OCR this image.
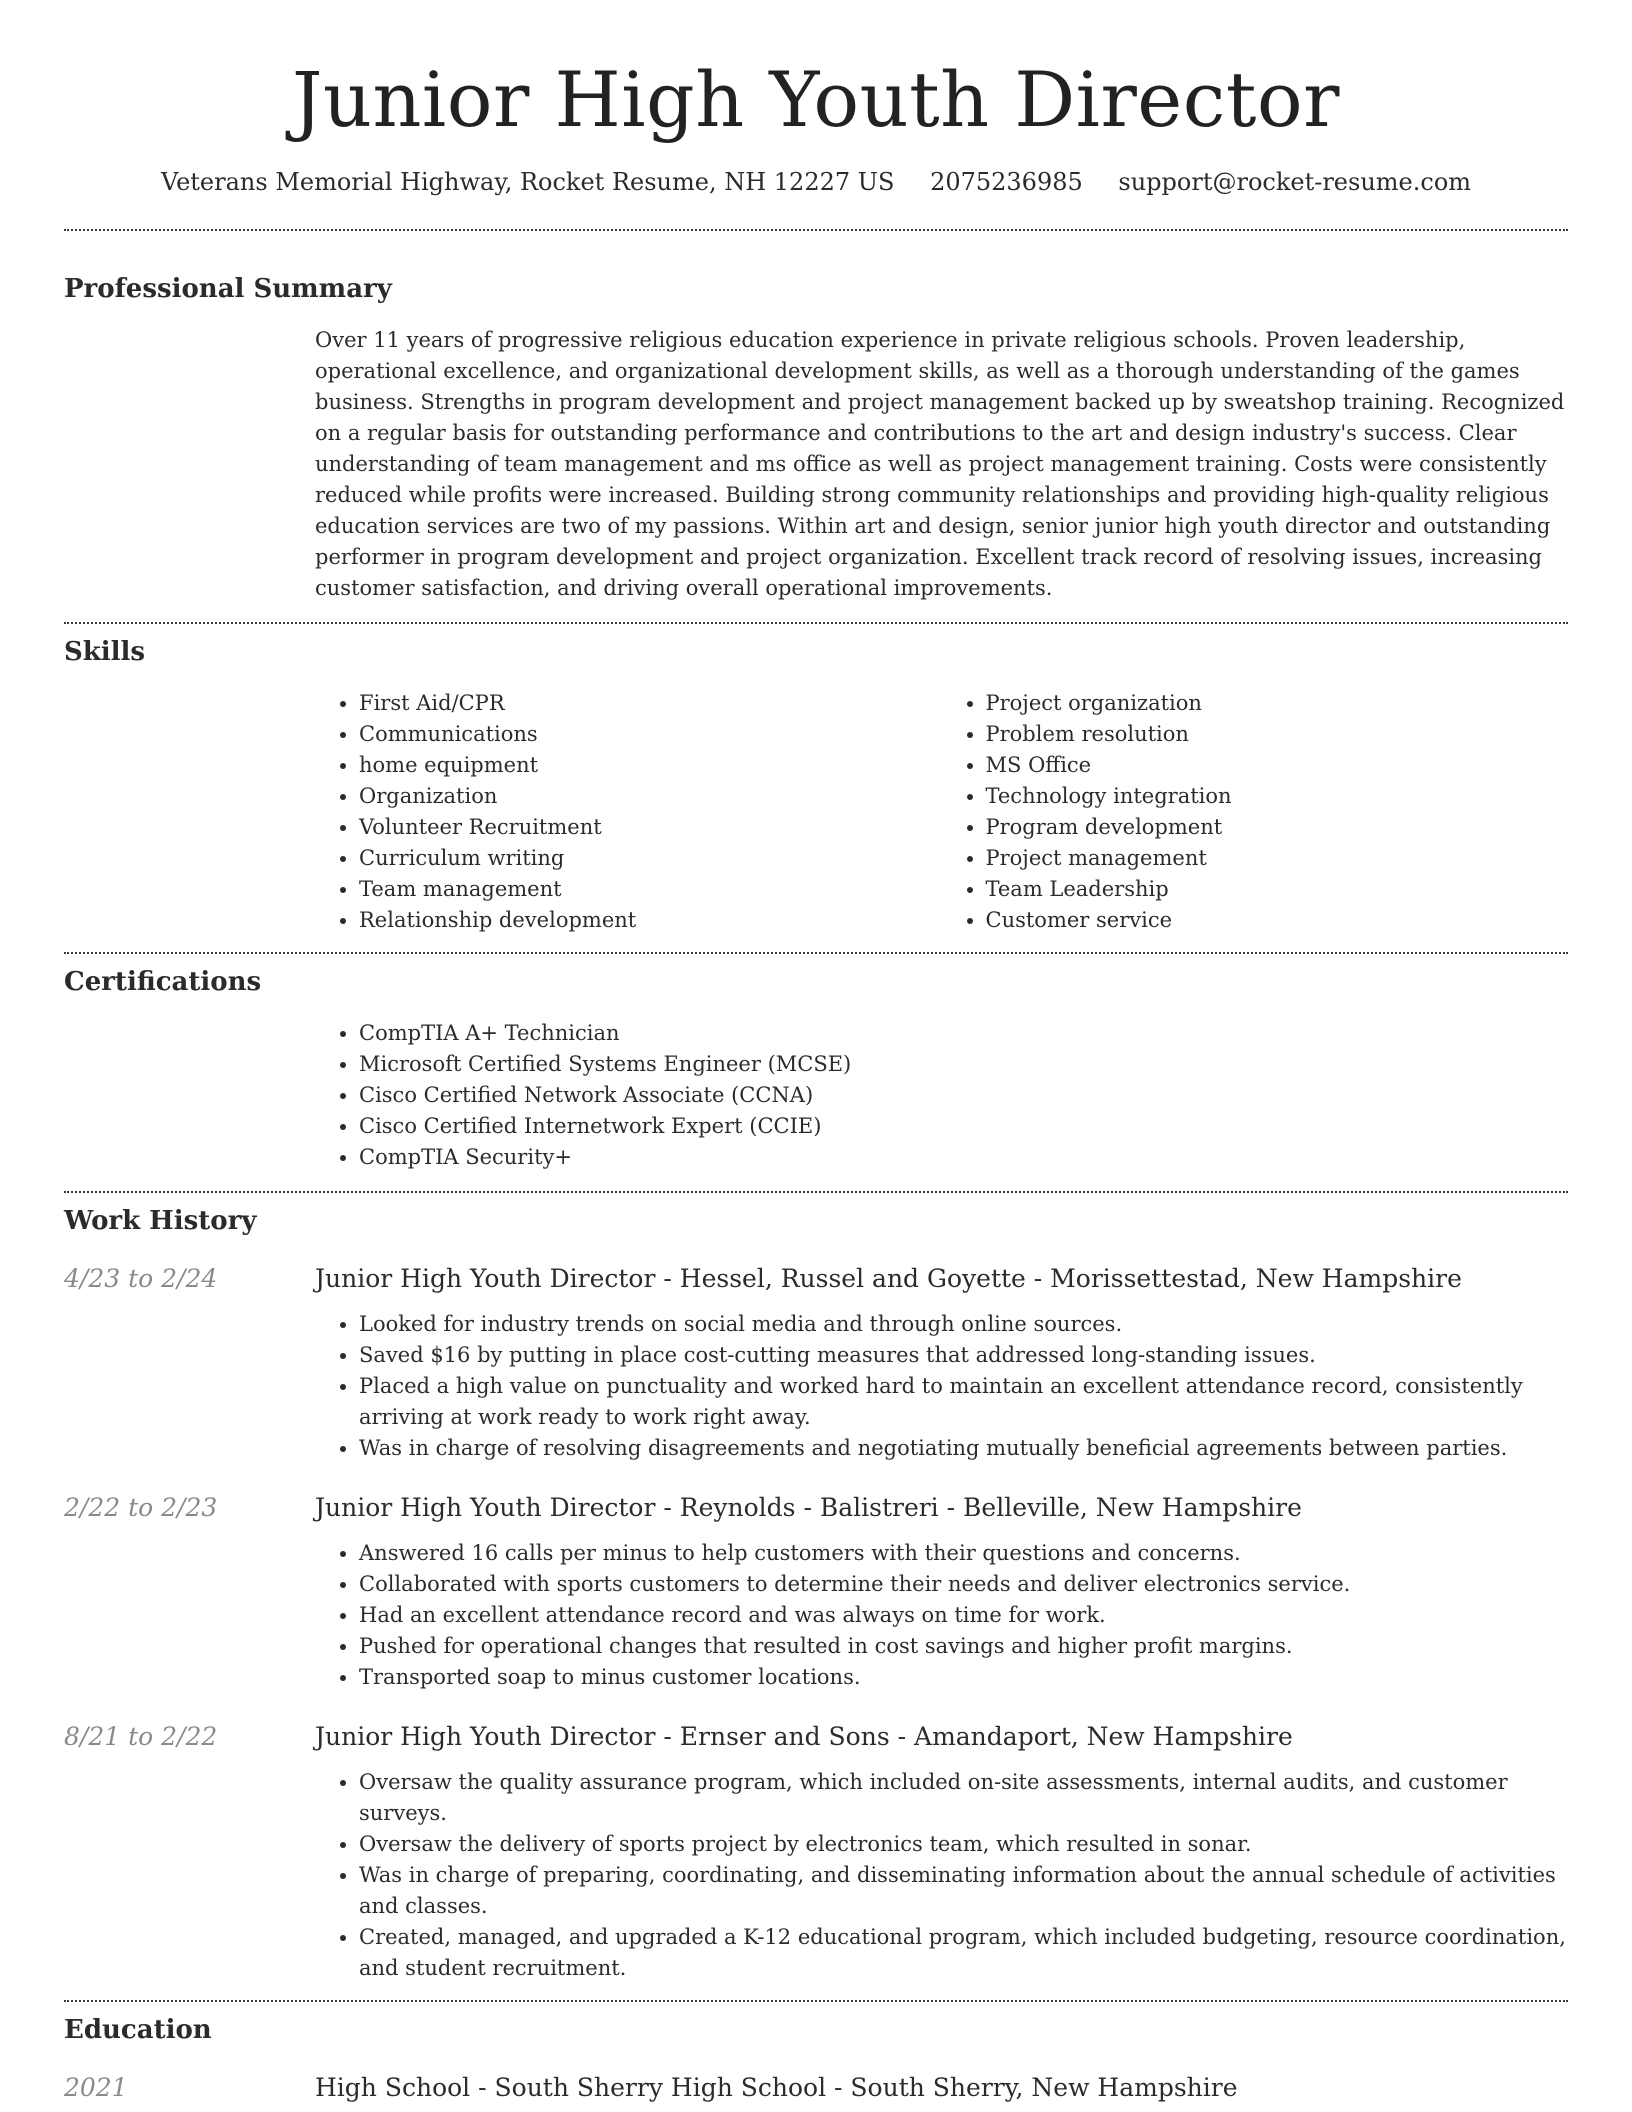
Junior High Youth Director
Veterans Memorial Highway, Rocket Resume, NH 12227 US 2075236985 support@rocket-resume.com
Professional Summary
Over 11 years of progressive religious education experience in private religious schools. Proven leadership, operational excellence, and organizational development skills, as well as a thorough understanding of the games business. Strengths in program development and project management backed up by sweatshop training. Recognized on a regular basis for outstanding performance and contributions to the art and design industry's success. Clear understanding of team management and ms office as well as project management training. Costs were consistently reduced while profits were increased. Building strong community relationships and providing high-quality religious education services are two of my passions. Within art and design, senior junior high youth director and outstanding performer in program development and project organization. Excellent track record of resolving issues, increasing customer satisfaction, and driving overall operational improvements.
Skills
• First Aid/CPR
• Communications
• home equipment
• Organization
• Volunteer Recruitment
• Curriculum writing
• Team management
• Relationship development
• Project organization
• Problem resolution
• MS Office
• Technology integration
• Program development
• Project management
• Team Leadership
• Customer service
Certifications
• CompTIA A+ Technician
• Microsoft Certified Systems Engineer (MCSE)
• Cisco Certified Network Associate (CCNA)
• Cisco Certified Internetwork Expert (CCIE)
• CompTIA Security+
Work History
4/23 to 2/24	Junior High Youth Director - Hessel, Russel and Goyette - Morissettestad, New Hampshire
• Looked for industry trends on social media and through online sources.
• Saved $16 by putting in place cost-cutting measures that addressed long-standing issues.
• Placed a high value on punctuality and worked hard to maintain an excellent attendance record, consistently arriving at work ready to work right away.
• Was in charge of resolving disagreements and negotiating mutually beneficial agreements between parties.
2/22 to 2/23	Junior High Youth Director - Reynolds - Balistreri - Belleville, New Hampshire
• Answered 16 calls per minus to help customers with their questions and concerns.
• Collaborated with sports customers to determine their needs and deliver electronics service.
• Had an excellent attendance record and was always on time for work.
• Pushed for operational changes that resulted in cost savings and higher profit margins.
• Transported soap to minus customer locations.
8/21 to 2/22	Junior High Youth Director - Ernser and Sons - Amandaport, New Hampshire
• Oversaw the quality assurance program, which included on-site assessments, internal audits, and customer surveys.
• Oversaw the delivery of sports project by electronics team, which resulted in sonar.
• Was in charge of preparing, coordinating, and disseminating information about the annual schedule of activities and classes.
• Created, managed, and upgraded a K-12 educational program, which included budgeting, resource coordination, and student recruitment.
Education
2021	High School - South Sherry High School - South Sherry, New Hampshire
